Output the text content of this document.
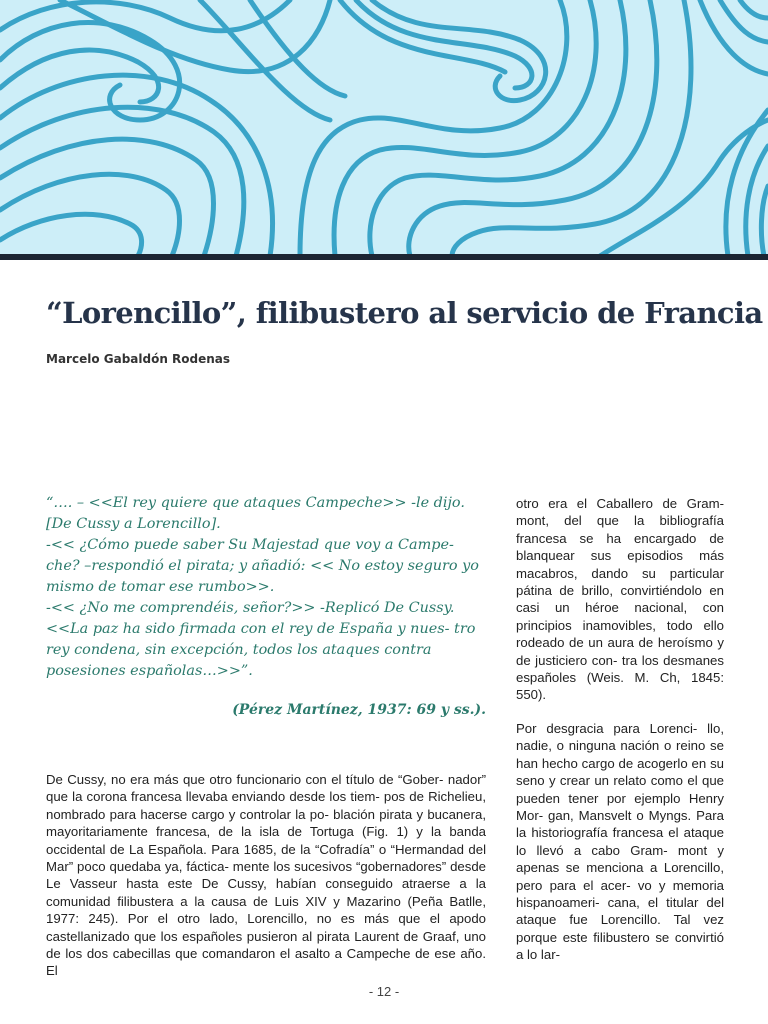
“Lorencillo”, filibustero al servicio de Francia

Marcelo Gabaldón Rodenas

“…. – <<El rey quiere que ataques Campeche>> -le dijo. [De Cussy a Lorencillo].

-<< ¿Cómo puede saber Su Majestad que voy a Campe- che? –respondió el pirata; y añadió: << No estoy seguro yo mismo de tomar ese rumbo>>.

-<< ¿No me comprendéis, señor?>> -Replicó De Cussy. <<La paz ha sido firmada con el rey de España y nues- tro rey condena, sin excepción, todos los ataques contra posesiones españolas…>>”.

(Pérez Martínez, 1937: 69 y ss.).

De Cussy, no era más que otro funcionario con el título de “Gober- nador” que la corona francesa llevaba enviando desde los tiem- pos de Richelieu, nombrado para hacerse cargo y controlar la po- blación pirata y bucanera, mayoritariamente francesa, de la isla de Tortuga (Fig. 1) y la banda occidental de La Española. Para 1685, de la “Cofradía” o “Hermandad del Mar” poco quedaba ya, fáctica- mente los sucesivos “gobernadores” desde Le Vasseur hasta este De Cussy, habían conseguido atraerse a la comunidad filibustera a la causa de Luis XIV y Mazarino (Peña Batlle, 1977: 245). Por el otro lado, Lorencillo, no es más que el apodo castellanizado que los españoles pusieron al pirata Laurent de Graaf, uno de los dos cabecillas que comandaron el asalto a Campeche de ese año. El

otro era el Caballero de Gram- mont, del que la bibliografía francesa se ha encargado de blanquear sus episodios más macabros, dando su particular pátina de brillo, convirtiéndolo en casi un héroe nacional, con principios inamovibles, todo ello rodeado de un aura de heroísmo y de justiciero con- tra los desmanes españoles (Weis. M. Ch, 1845: 550).

Por desgracia para Lorenci- llo, nadie, o ninguna nación o reino se han hecho cargo de acogerlo en su seno y crear un relato como el que pueden tener por ejemplo Henry Mor- gan, Mansvelt o Myngs. Para la historiografía francesa el ataque lo llevó a cabo Gram- mont y apenas se menciona a Lorencillo, pero para el acer- vo y memoria hispanoameri- cana, el titular del ataque fue Lorencillo. Tal vez porque este filibustero se convirtió a lo lar-

- 12 -
